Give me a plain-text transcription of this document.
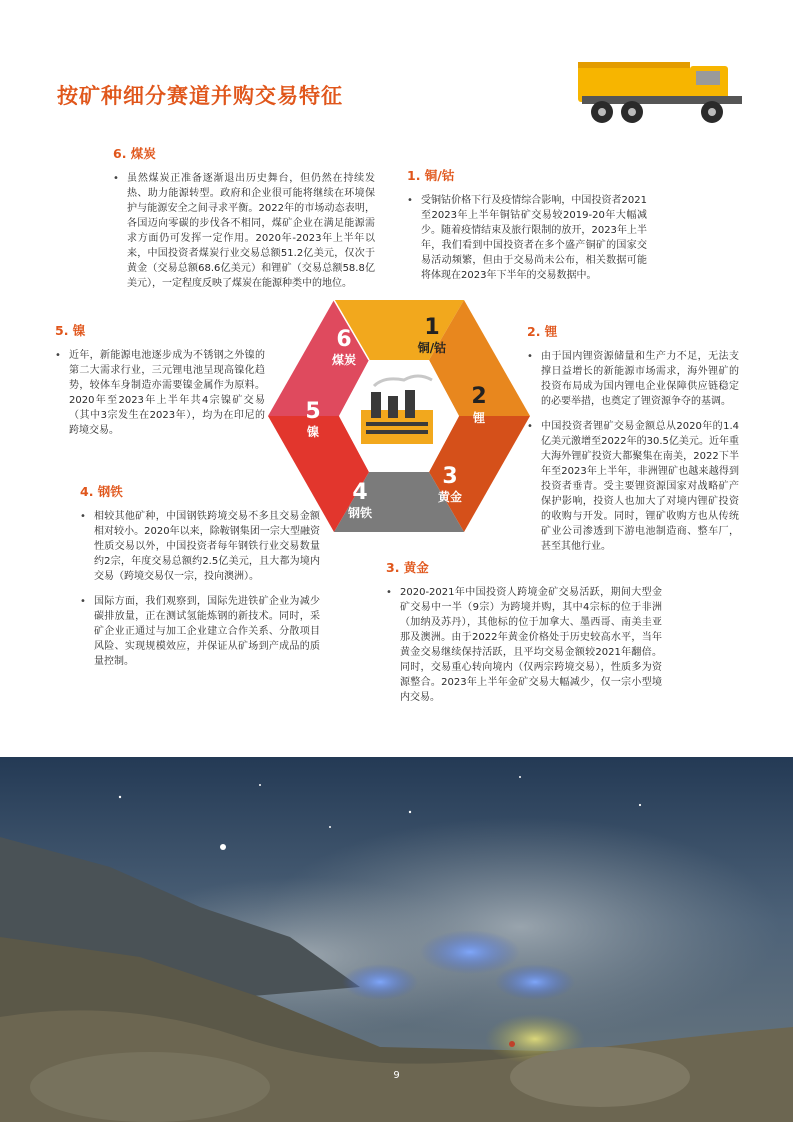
按矿种细分赛道并购交易特征
6. 煤炭
• 虽然煤炭正准备逐渐退出历史舞台，但仍然在持续发热、助力能源转型。政府和企业很可能将继续在环境保护与能源安全之间寻求平衡。2022年的市场动态表明，各国迈向零碳的步伐各不相同，煤矿企业在满足能源需求方面仍可发挥一定作用。2020年-2023年上半年以来，中国投资者煤炭行业交易总额51.2亿美元，仅次于黄金（交易总额68.6亿美元）和锂矿（交易总额58.8亿美元），一定程度反映了煤炭在能源种类中的地位。
1. 铜/钴
• 受铜钴价格下行及疫情综合影响，中国投资者2021至2023年上半年铜钴矿交易较2019-20年大幅减少。随着疫情结束及旅行限制的放开，2023年上半年，我们看到中国投资者在多个盛产铜矿的国家交易活动频繁，但由于交易尚未公布，相关数据可能将体现在2023年下半年的交易数据中。
5. 镍
• 近年，新能源电池逐步成为不锈钢之外镍的第二大需求行业，三元锂电池呈现高镍化趋势，较体车身制造亦需要镍金属作为原料。2020年至2023年上半年共4宗镍矿交易（其中3宗发生在2023年），均为在印尼的跨境交易。
2. 锂
• 由于国内锂资源储量和生产力不足，无法支撑日益增长的新能源市场需求，海外锂矿的投资布局成为国内锂电企业保障供应链稳定的必要举措，也奠定了锂资源争夺的基调。
• 中国投资者锂矿交易金额总从2020年的1.4亿美元激增至2022年的30.5亿美元。近年重大海外锂矿投资大都聚集在南美，2022下半年至2023年上半年，非洲锂矿也越来越得到投资者垂青。受主要锂资源国家对战略矿产保护影响，投资人也加大了对境内锂矿投资的收购与开发。同时，锂矿收购方也从传统矿业公司渗透到下游电池制造商、整车厂，甚至其他行业。
4. 钢铁
• 相较其他矿种，中国钢铁跨境交易不多且交易金额相对较小。2020年以来，除鞍钢集团一宗大型融资性质交易以外，中国投资者每年钢铁行业交易数量约2宗，年度交易总额约2.5亿美元，且大都为境内交易（跨境交易仅一宗，投向澳洲）。
• 国际方面，我们观察到，国际先进铁矿企业为减少碳排放量，正在测试氢能炼钢的新技术。同时，采矿企业正通过与加工企业建立合作关系、分散项目风险、实现规模效应，并保证从矿场到产成品的质量控制。
3. 黄金
• 2020-2021年中国投资人跨境金矿交易活跃，期间大型金矿交易中一半（9宗）为跨境并购，其中4宗标的位于非洲（加纳及苏丹），其他标的位于加拿大、墨西哥、南美圭亚那及澳洲。由于2022年黄金价格处于历史较高水平，当年黄金交易继续保持活跃，且平均交易金额较2021年翻倍。同时，交易重心转向境内（仅两宗跨境交易），性质多为资源整合。2023年上半年金矿交易大幅减少，仅一宗小型境内交易。
1
铜/钴
2
锂
3
黄金
4
钢铁
5
镍
6
煤炭
9
